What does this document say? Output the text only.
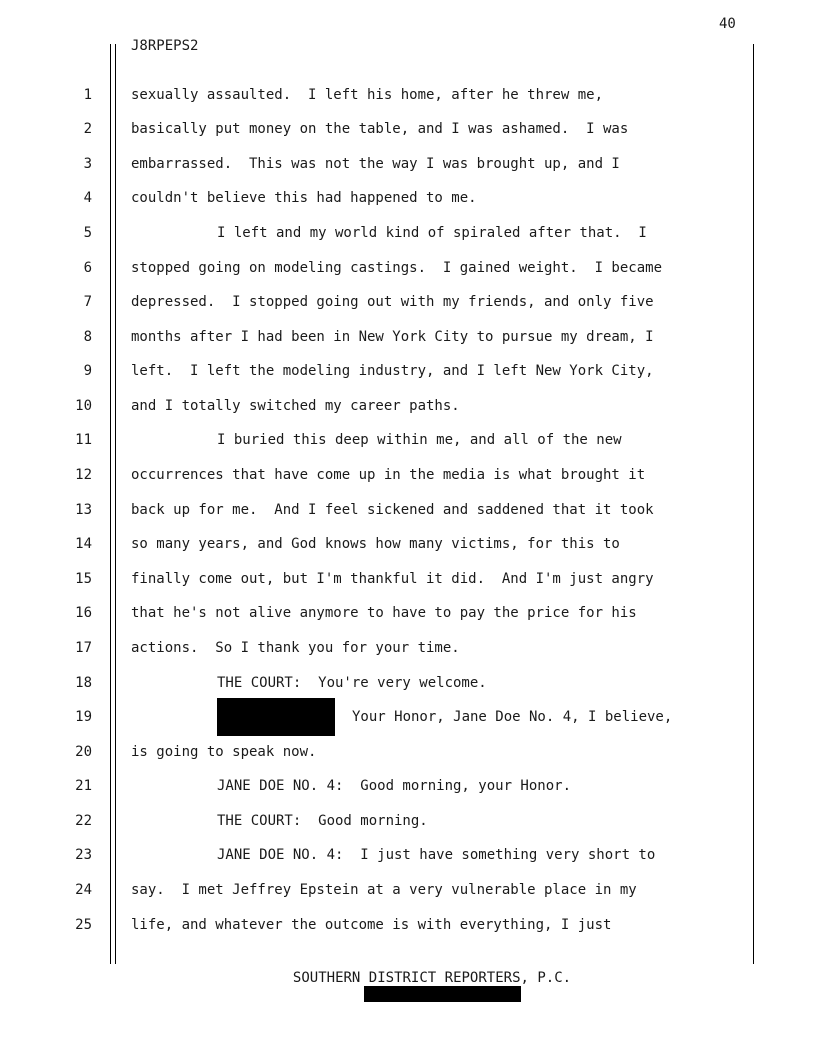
40
J8RPEPS2
1
2
3
4
5
6
7
8
9
10
11
12
13
14
15
16
17
18
19
20
21
22
23
24
25
sexually assaulted.  I left his home, after he threw me,
basically put money on the table, and I was ashamed.  I was
embarrassed.  This was not the way I was brought up, and I
couldn't believe this had happened to me.
I left and my world kind of spiraled after that.  I
stopped going on modeling castings.  I gained weight.  I became
depressed.  I stopped going out with my friends, and only five
months after I had been in New York City to pursue my dream, I
left.  I left the modeling industry, and I left New York City,
and I totally switched my career paths.
I buried this deep within me, and all of the new
occurrences that have come up in the media is what brought it
back up for me.  And I feel sickened and saddened that it took
so many years, and God knows how many victims, for this to
finally come out, but I'm thankful it did.  And I'm just angry
that he's not alive anymore to have to pay the price for his
actions.  So I thank you for your time.
THE COURT:  You're very welcome.
Your Honor, Jane Doe No. 4, I believe,
is going to speak now.
JANE DOE NO. 4:  Good morning, your Honor.
THE COURT:  Good morning.
JANE DOE NO. 4:  I just have something very short to
say.  I met Jeffrey Epstein at a very vulnerable place in my
life, and whatever the outcome is with everything, I just
SOUTHERN DISTRICT REPORTERS, P.C.
